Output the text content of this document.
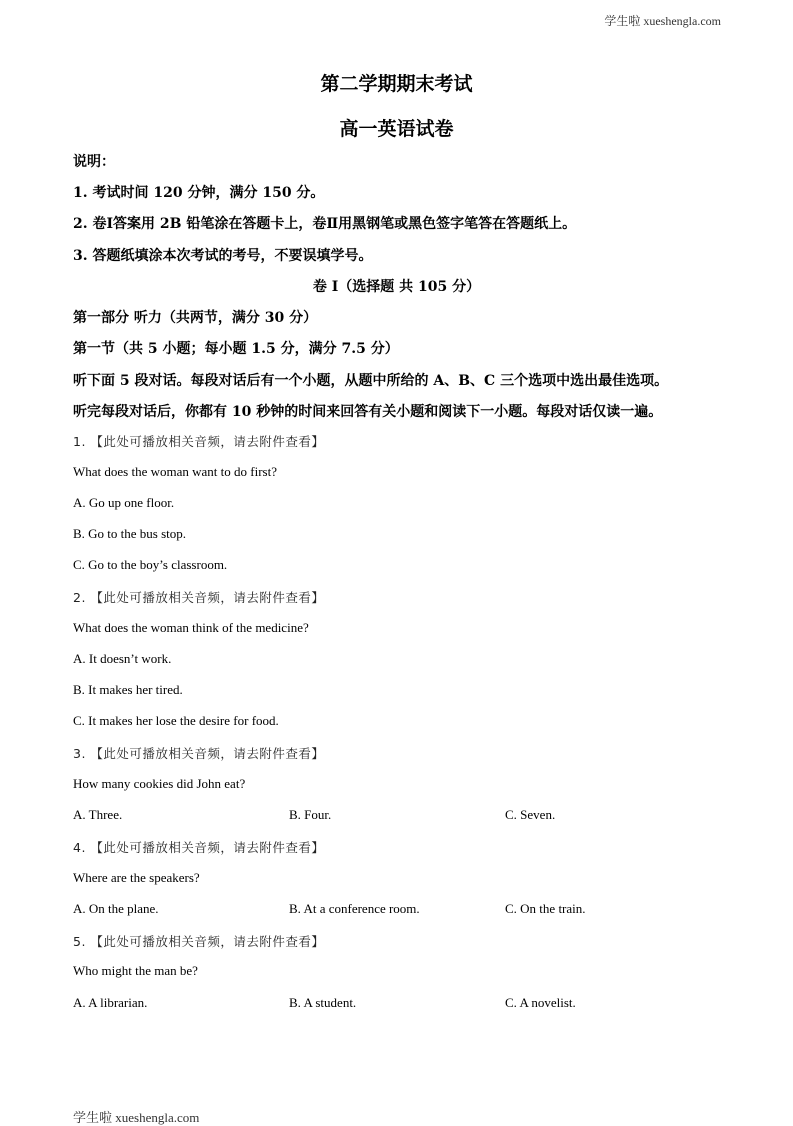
学生啦 xueshengla.com
第二学期期末考试
高一英语试卷
说明：
1. 考试时间 120 分钟，满分 150 分。
2. 卷Ⅰ答案用 2B 铅笔涂在答题卡上，卷Ⅱ用黑钢笔或黑色签字笔答在答题纸上。
3. 答题纸填涂本次考试的考号，不要误填学号。
卷 I（选择题 共 105 分）
第一部分 听力（共两节，满分 30 分）
第一节（共 5 小题；每小题 1.5 分，满分 7.5 分）
听下面 5 段对话。每段对话后有一个小题，从题中所给的 A、B、C 三个选项中选出最佳选项。
听完每段对话后，你都有 10 秒钟的时间来回答有关小题和阅读下一小题。每段对话仅读一遍。
1. 【此处可播放相关音频，请去附件查看】
What does the woman want to do first?
A. Go up one floor.
B. Go to the bus stop.
C. Go to the boy’s classroom.
2. 【此处可播放相关音频，请去附件查看】
What does the woman think of the medicine?
A. It doesn’t work.
B. It makes her tired.
C. It makes her lose the desire for food.
3. 【此处可播放相关音频，请去附件查看】
How many cookies did John eat?
A. Three.	B. Four.	C. Seven.
4. 【此处可播放相关音频，请去附件查看】
Where are the speakers?
A. On the plane.	B. At a conference room.	C. On the train.
5. 【此处可播放相关音频，请去附件查看】
Who might the man be?
A. A librarian.	B. A student.	C. A novelist.
学生啦 xueshengla.com
